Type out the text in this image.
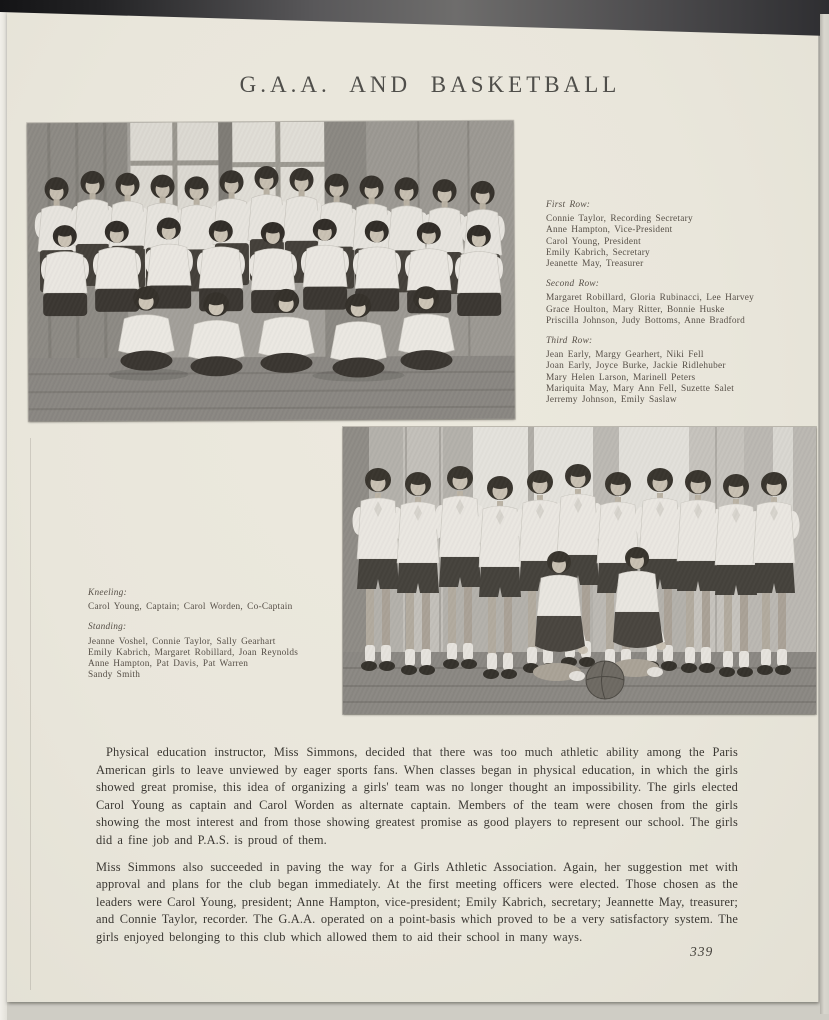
G.A.A. AND BASKETBALL
First Row:
Connie Taylor, Recording Secretary
Anne Hampton, Vice-President
Carol Young, President
Emily Kabrich, Secretary
Jeanette May, Treasurer
Second Row:
Margaret Robillard, Gloria Rubinacci, Lee Harvey
Grace Houlton, Mary Ritter, Bonnie Huske
Priscilla Johnson, Judy Bottoms, Anne Bradford
Third Row:
Jean Early, Margy Gearhert, Niki Fell
Joan Early, Joyce Burke, Jackie Ridlehuber
Mary Helen Larson, Marinell Peters
Mariquita May, Mary Ann Fell, Suzette Salet
Jerremy Johnson, Emily Saslaw
Kneeling:
Carol Young, Captain; Carol Worden, Co-Captain
Standing:
Jeanne Voshel, Connie Taylor, Sally Gearhart
Emily Kabrich, Margaret Robillard, Joan Reynolds
Anne Hampton, Pat Davis, Pat Warren
Sandy Smith

Physical education instructor, Miss Simmons, decided that there was too much athletic ability among the Paris American girls to leave unviewed by eager sports fans. When classes began in physical education, in which the girls showed great promise, this idea of organizing a girls' team was no longer thought an impossibility. The girls elected Carol Young as captain and Carol Worden as alternate captain. Members of the team were chosen from the girls showing the most interest and from those showing greatest promise as good players to represent our school. The girls did a fine job and P.A.S. is proud of them.

Miss Simmons also succeeded in paving the way for a Girls Athletic Association. Again, her suggestion met with approval and plans for the club began immediately. At the first meeting officers were elected. Those chosen as the leaders were Carol Young, president; Anne Hampton, vice-president; Emily Kabrich, secretary; Jeannette May, treasurer; and Connie Taylor, recorder. The G.A.A. operated on a point-basis which proved to be a very satisfactory system. The girls enjoyed belonging to this club which allowed them to aid their school in many ways.

339
